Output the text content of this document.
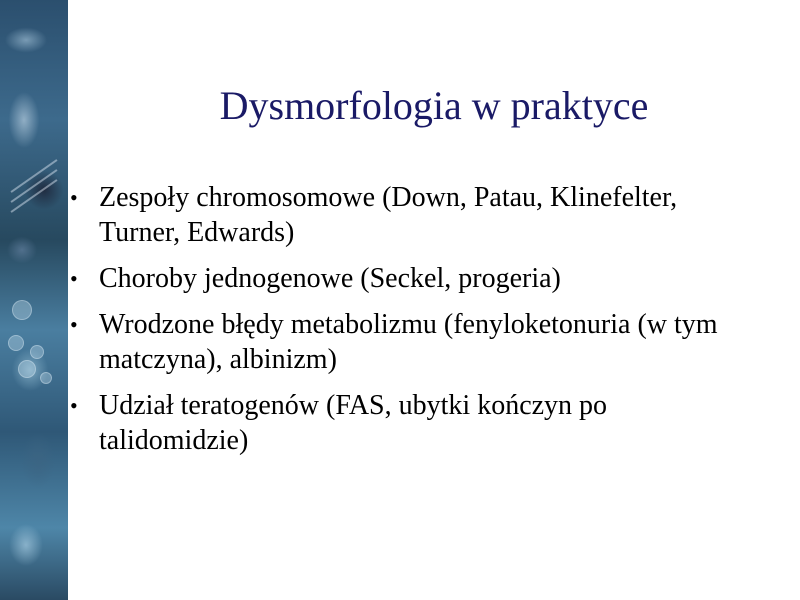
Dysmorfologia w praktyce
• Zespoły chromosomowe (Down, Patau, Klinefelter, Turner, Edwards)
• Choroby jednogenowe (Seckel, progeria)
• Wrodzone błędy metabolizmu (fenyloketonuria (w tym matczyna), albinizm)
• Udział teratogenów (FAS, ubytki kończyn po talidomidzie)
